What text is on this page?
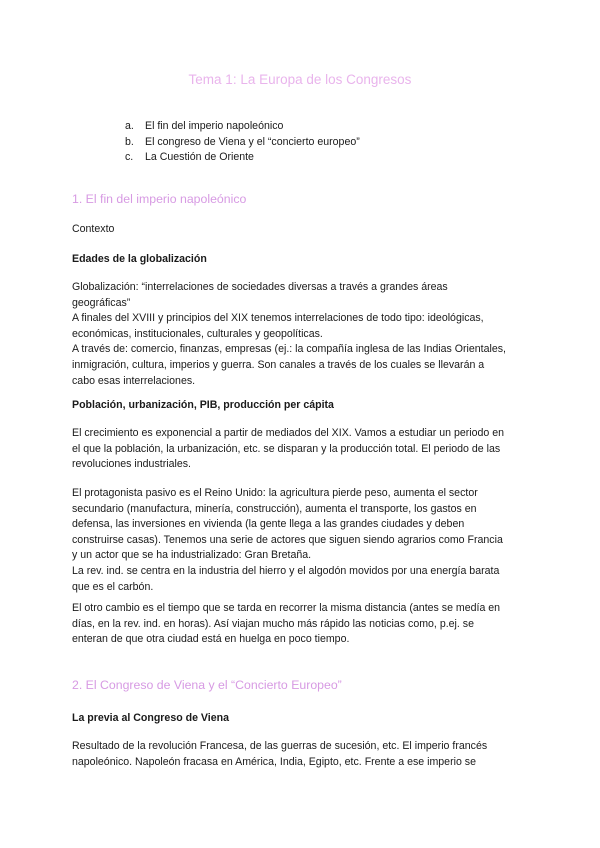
Tema 1: La Europa de los Congresos
a.	El fin del imperio napoleónico
b.	El congreso de Viena y el “concierto europeo”
c.	La Cuestión de Oriente
1. El fin del imperio napoleónico
Contexto
Edades de la globalización
Globalización: “interrelaciones de sociedades diversas a través a grandes áreas
geográficas”
A finales del XVIII y principios del XIX tenemos interrelaciones de todo tipo: ideológicas,
económicas, institucionales, culturales y geopolíticas.
A través de: comercio, finanzas, empresas (ej.: la compañía inglesa de las Indias Orientales,
inmigración, cultura, imperios y guerra. Son canales a través de los cuales se llevarán a
cabo esas interrelaciones.
Población, urbanización, PIB, producción per cápita
El crecimiento es exponencial a partir de mediados del XIX. Vamos a estudiar un periodo en
el que la población, la urbanización, etc. se disparan y la producción total. El periodo de las
revoluciones industriales.
El protagonista pasivo es el Reino Unido: la agricultura pierde peso, aumenta el sector
secundario (manufactura, minería, construcción), aumenta el transporte, los gastos en
defensa, las inversiones en vivienda (la gente llega a las grandes ciudades y deben
construirse casas). Tenemos una serie de actores que siguen siendo agrarios como Francia
y un actor que se ha industrializado: Gran Bretaña.
La rev. ind. se centra en la industria del hierro y el algodón movidos por una energía barata
que es el carbón.
El otro cambio es el tiempo que se tarda en recorrer la misma distancia (antes se medía en
días, en la rev. ind. en horas). Así viajan mucho más rápido las noticias como, p.ej. se
enteran de que otra ciudad está en huelga en poco tiempo.
2. El Congreso de Viena y el “Concierto Europeo”
La previa al Congreso de Viena
Resultado de la revolución Francesa, de las guerras de sucesión, etc. El imperio francés
napoleónico. Napoleón fracasa en América, India, Egipto, etc. Frente a ese imperio se
